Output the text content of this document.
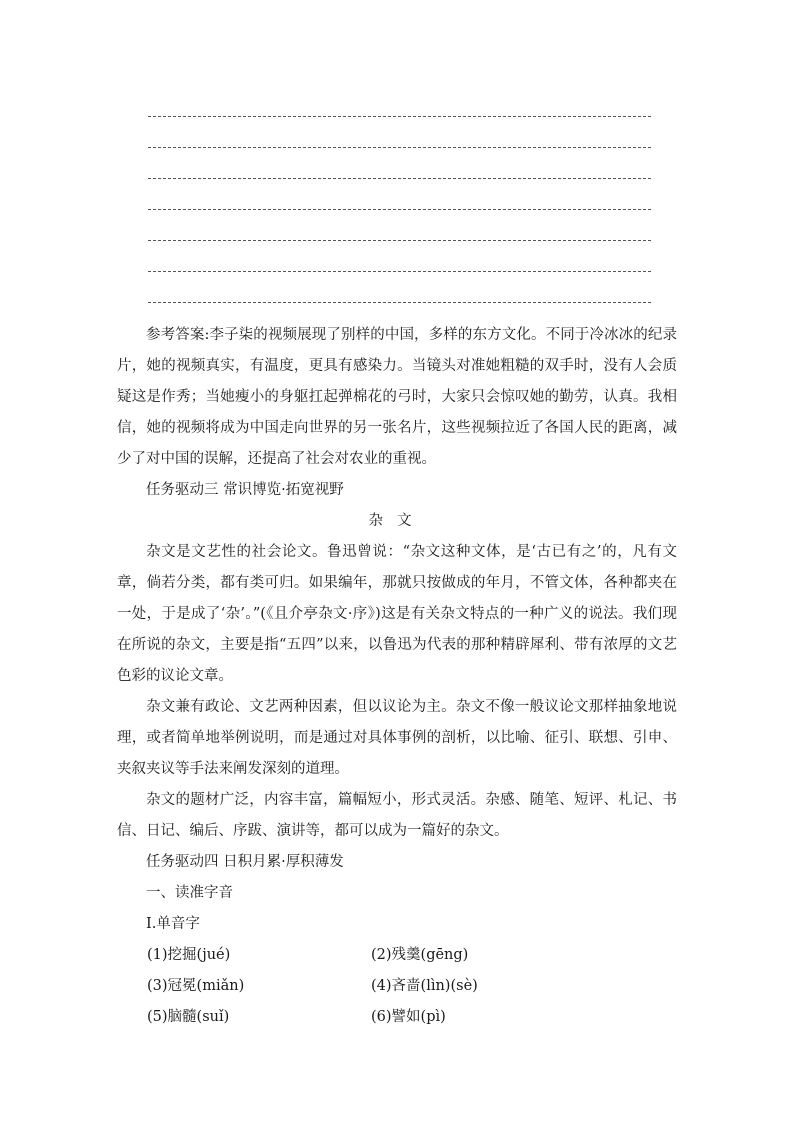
参考答案:李子柒的视频展现了别样的中国，多样的东方文化。不同于冷冰冰的纪录片，她的视频真实，有温度，更具有感染力。当镜头对准她粗糙的双手时，没有人会质疑这是作秀；当她瘦小的身躯扛起弹棉花的弓时，大家只会惊叹她的勤劳，认真。我相信，她的视频将成为中国走向世界的另一张名片，这些视频拉近了各国人民的距离，减少了对中国的误解，还提高了社会对农业的重视。

任务驱动三 常识博览·拓宽视野
杂文

杂文是文艺性的社会论文。鲁迅曾说：“杂文这种文体，是‘古已有之’的，凡有文章，倘若分类，都有类可归。如果编年，那就只按做成的年月，不管文体，各种都夹在一处，于是成了‘杂’。”(《且介亭杂文·序》)这是有关杂文特点的一种广义的说法。我们现在所说的杂文，主要是指“五四”以来，以鲁迅为代表的那种精辟犀利、带有浓厚的文艺色彩的议论文章。

杂文兼有政论、文艺两种因素，但以议论为主。杂文不像一般议论文那样抽象地说理，或者简单地举例说明，而是通过对具体事例的剖析，以比喻、征引、联想、引申、夹叙夹议等手法来阐发深刻的道理。

杂文的题材广泛，内容丰富，篇幅短小，形式灵活。杂感、随笔、短评、札记、书信、日记、编后、序跋、演讲等，都可以成为一篇好的杂文。

任务驱动四 日积月累·厚积薄发
一、读准字音
Ⅰ.单音字
(1)挖掘(jué)	(2)残羹(gēng)
(3)冠冕(miǎn)	(4)吝啬(lìn)(sè)
(5)脑髓(suǐ)	(6)譬如(pì)
